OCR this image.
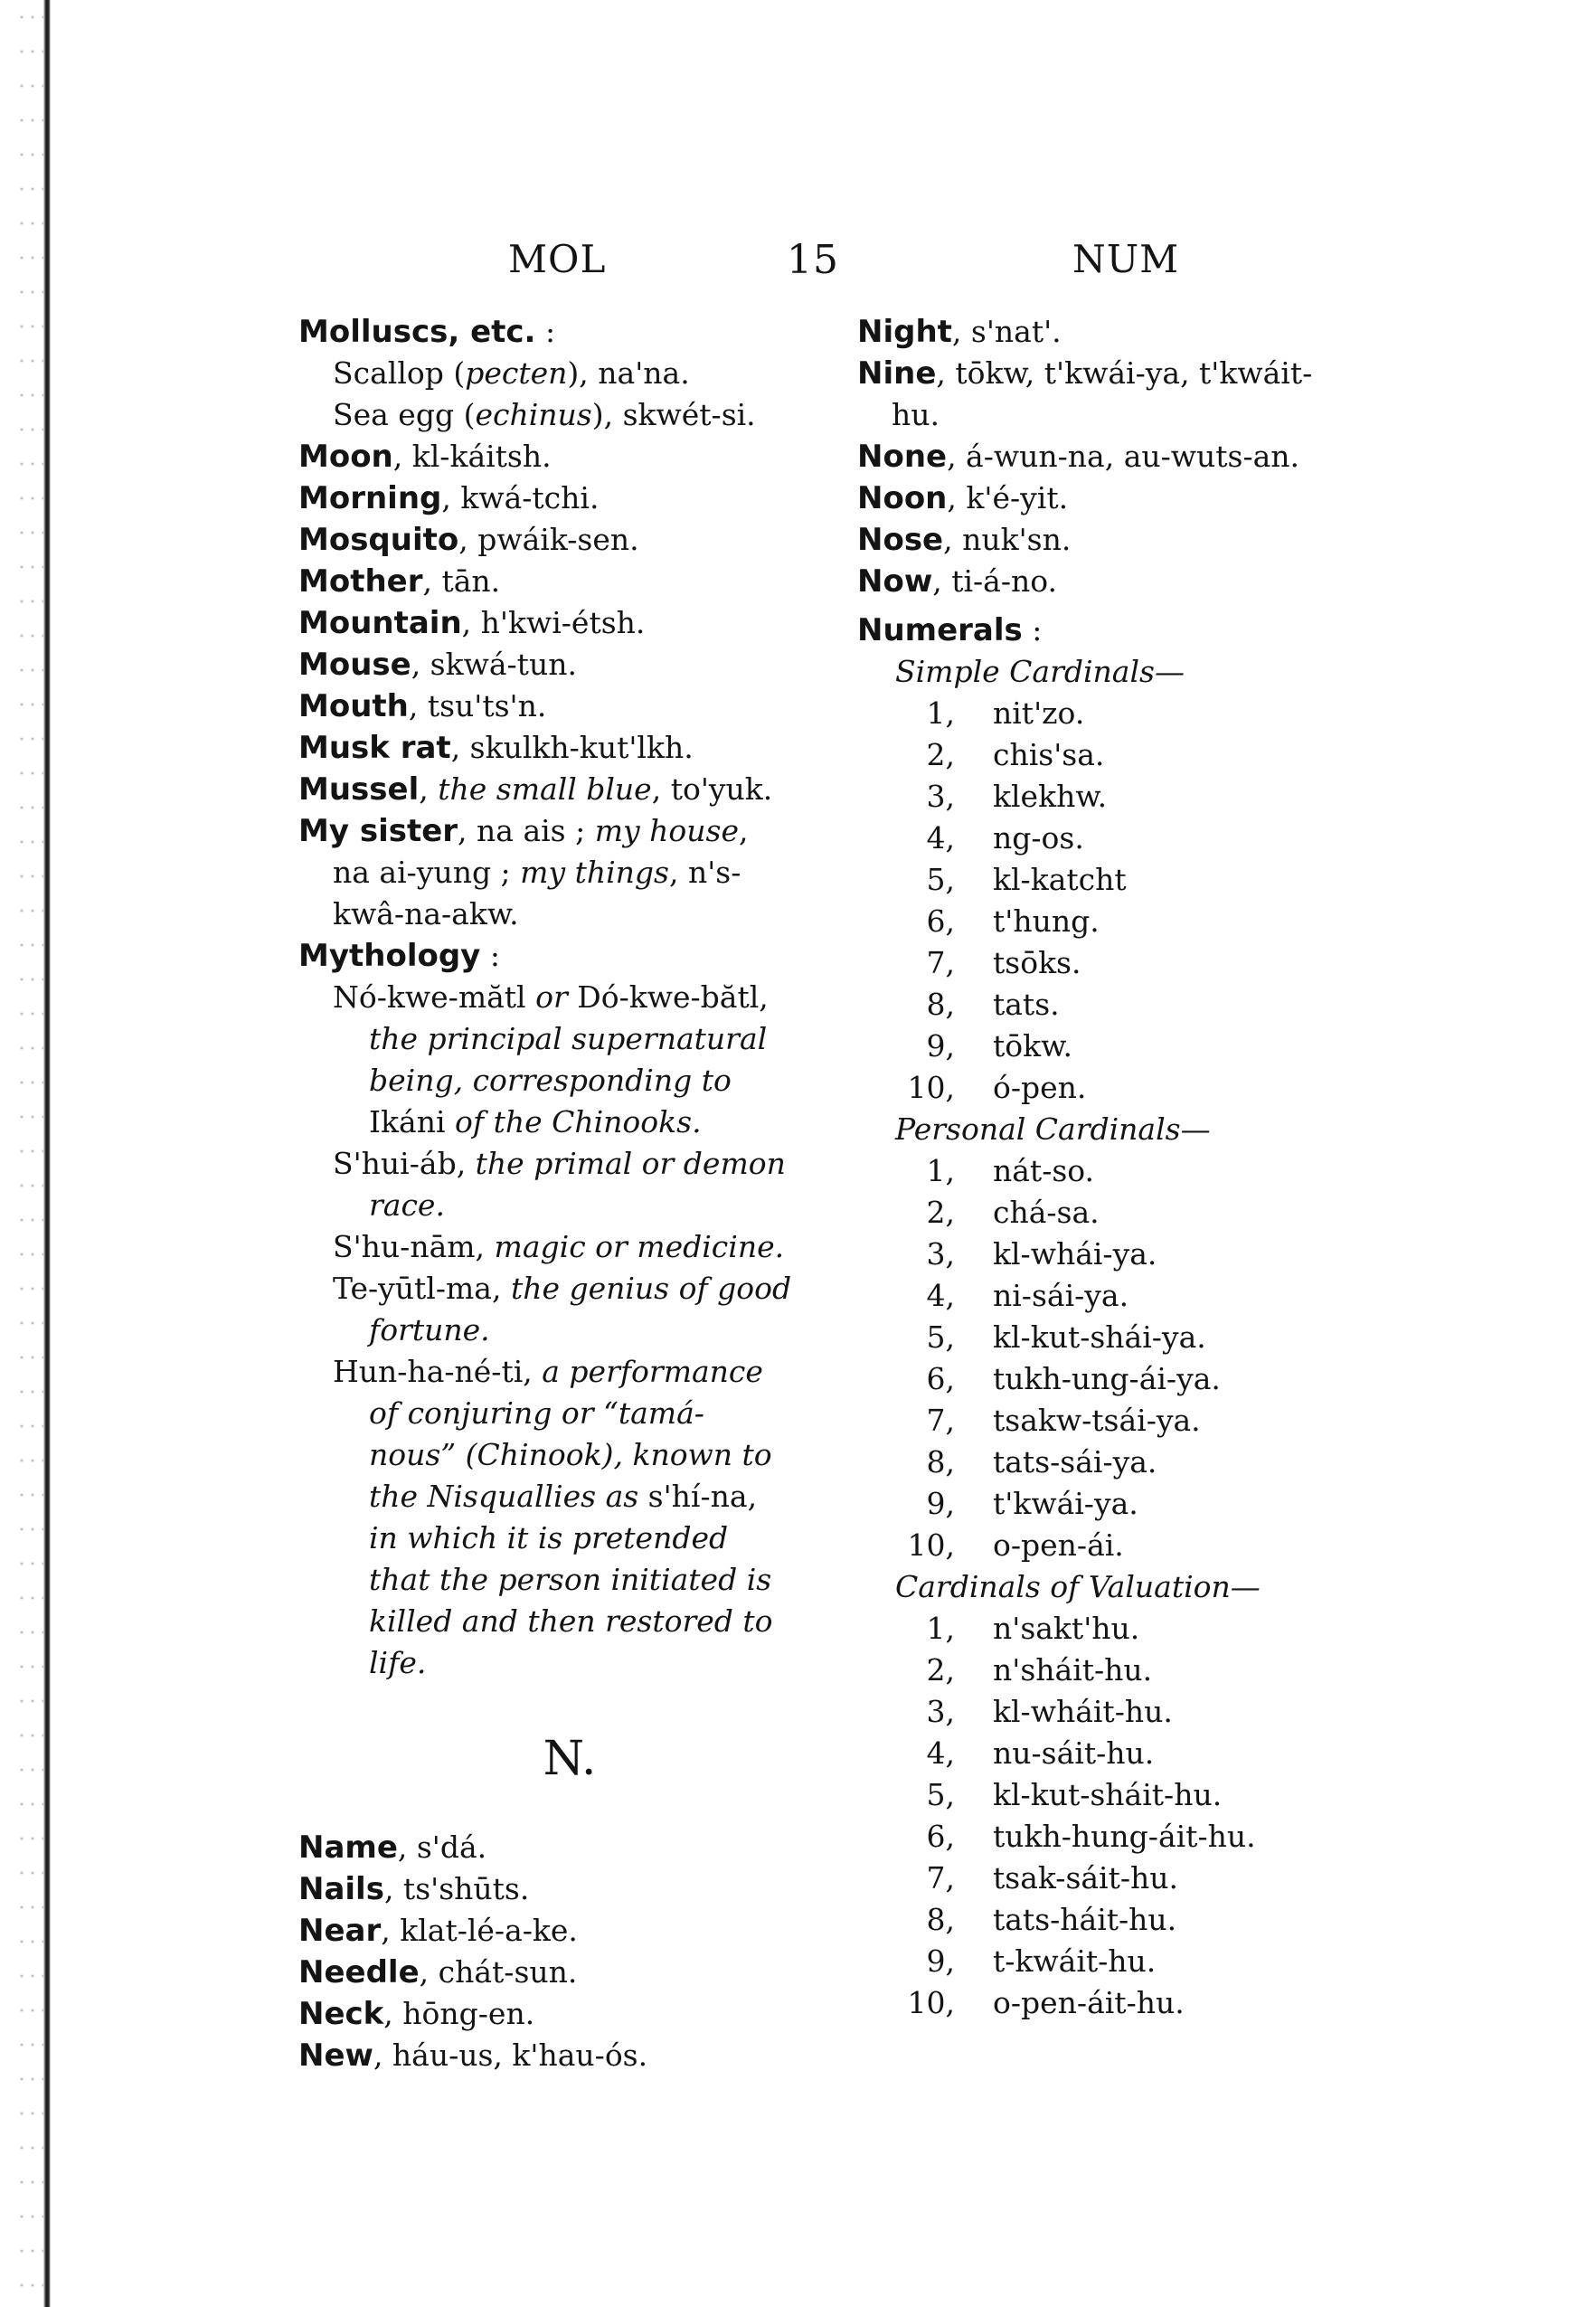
MOL	15	NUM
Molluscs, etc. :
Scallop (pecten), na'na.
Sea egg (echinus), skwét-si.
Moon, kl-káitsh.
Morning, kwá-tchi.
Mosquito, pwáik-sen.
Mother, tān.
Mountain, h'kwi-étsh.
Mouse, skwá-tun.
Mouth, tsu'ts'n.
Musk rat, skulkh-kut'lkh.
Mussel, the small blue, to'yuk.
My sister, na ais ; my house,
na ai-yung ; my things, n's-
kwâ-na-akw.
Mythology :
Nó-kwe-mătl or Dó-kwe-bătl,
the principal supernatural
being, corresponding to
Ikáni of the Chinooks.
S'hui-áb, the primal or demon
race.
S'hu-nām, magic or medicine.
Te-yūtl-ma, the genius of good
fortune.
Hun-ha-né-ti, a performance
of conjuring or “tamá-
nous” (Chinook), known to
the Nisquallies as s'hí-na,
in which it is pretended
that the person initiated is
killed and then restored to
life.
N.
Name, s'dá.
Nails, ts'shūts.
Near, klat-lé-a-ke.
Needle, chát-sun.
Neck, hōng-en.
New, háu-us, k'hau-ós.
Night, s'nat'.
Nine, tōkw, t'kwái-ya, t'kwáit-
hu.
None, á-wun-na, au-wuts-an.
Noon, k'é-yit.
Nose, nuk'sn.
Now, ti-á-no.
Numerals :
Simple Cardinals—
1,	nit'zo.
2,	chis'sa.
3,	klekhw.
4,	ng-os.
5,	kl-katcht
6,	t'hung.
7,	tsōks.
8,	tats.
9,	tōkw.
10,	ó-pen.
Personal Cardinals—
1,	nát-so.
2,	chá-sa.
3,	kl-whái-ya.
4,	ni-sái-ya.
5,	kl-kut-shái-ya.
6,	tukh-ung-ái-ya.
7,	tsakw-tsái-ya.
8,	tats-sái-ya.
9,	t'kwái-ya.
10,	o-pen-ái.
Cardinals of Valuation—
1,	n'sakt'hu.
2,	n'sháit-hu.
3,	kl-wháit-hu.
4,	nu-sáit-hu.
5,	kl-kut-sháit-hu.
6,	tukh-hung-áit-hu.
7,	tsak-sáit-hu.
8,	tats-háit-hu.
9,	t-kwáit-hu.
10,	o-pen-áit-hu.
